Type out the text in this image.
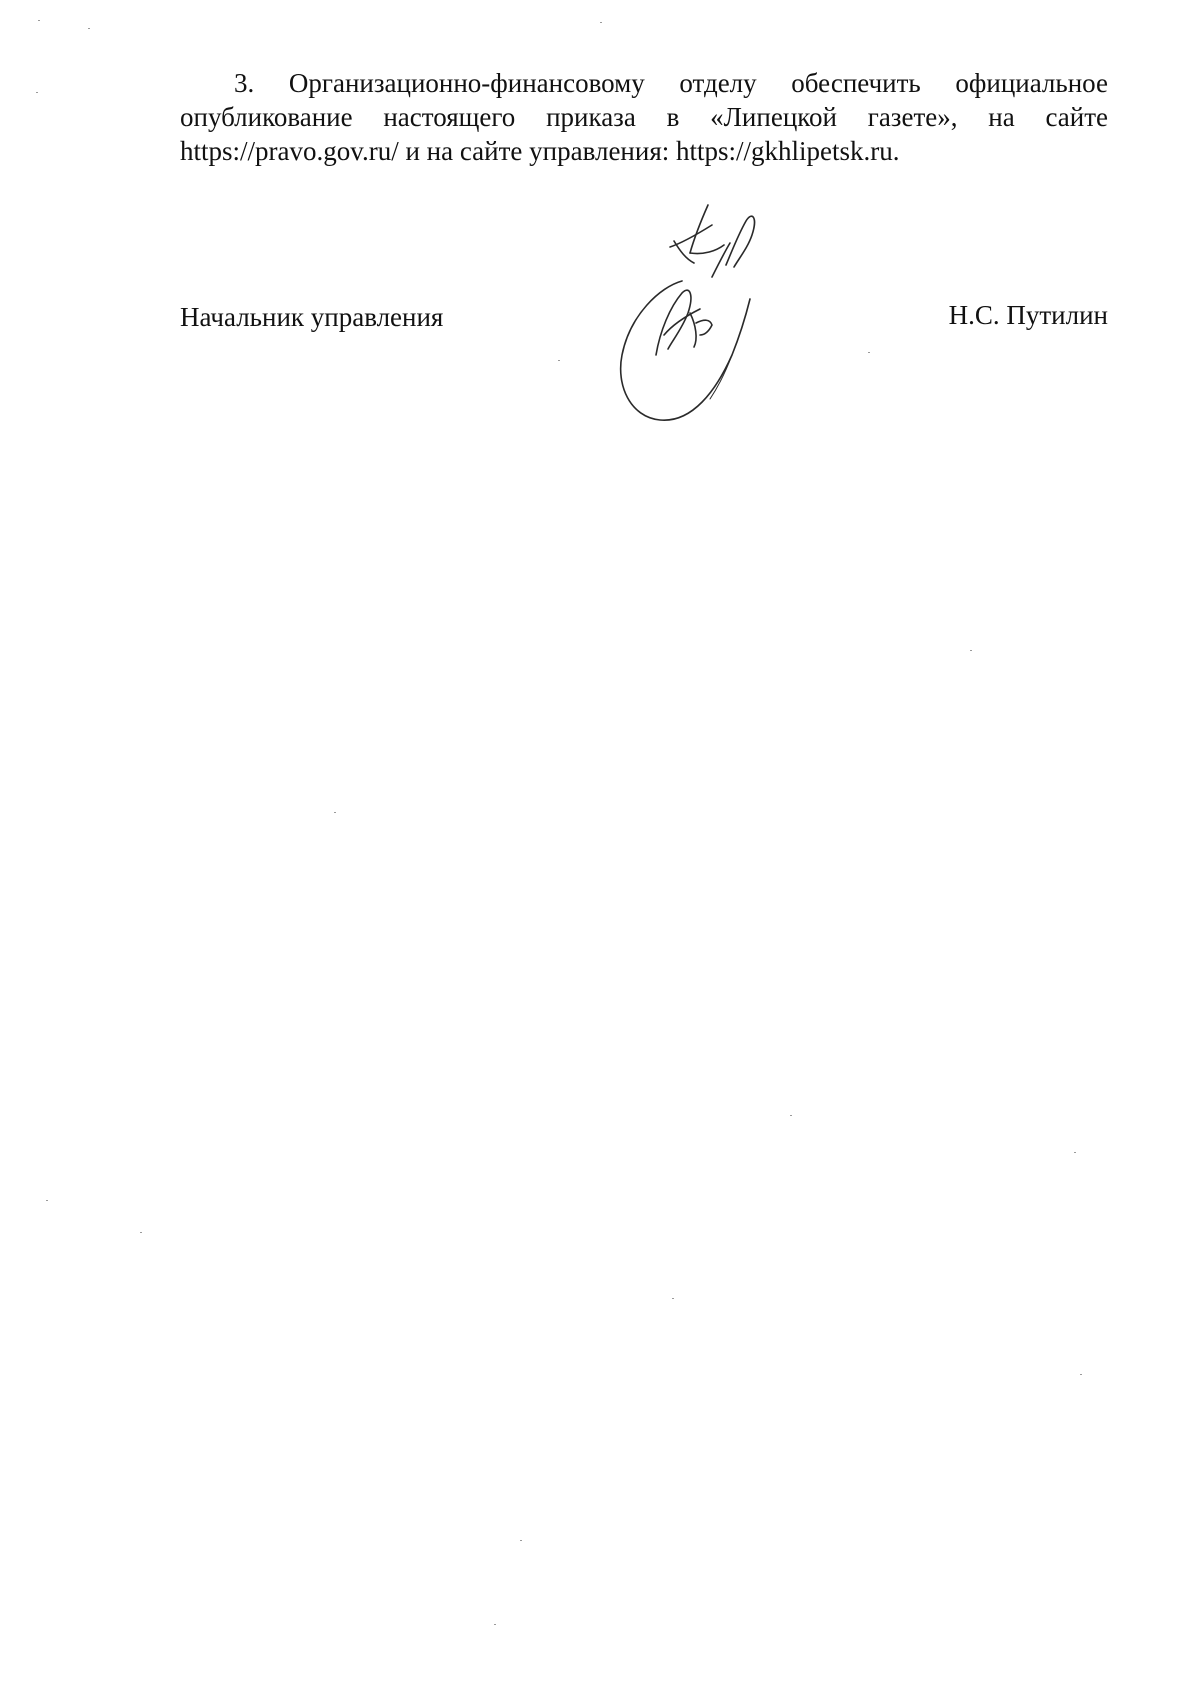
3. Организационно-финансовому отделу обеспечить официальное опубликование настоящего приказа в «Липецкой газете», на сайте https://pravo.gov.ru/ и на сайте управления: https://gkhlipetsk.ru.

Начальник управления	Н.С. Путилин
